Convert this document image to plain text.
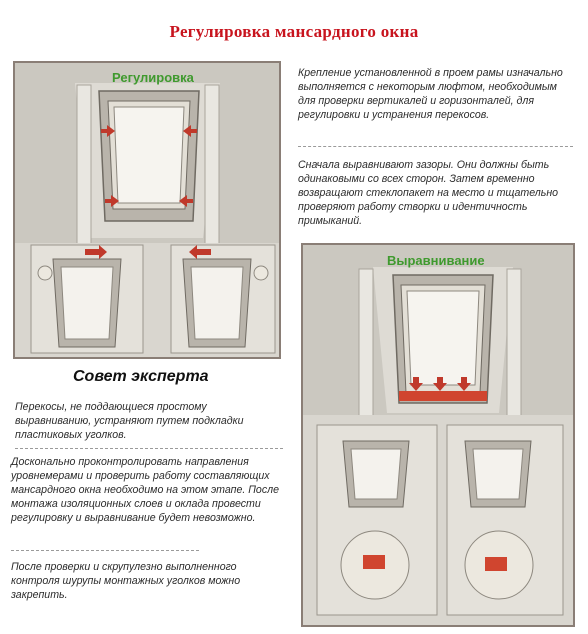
Регулировка мансардного окна
Регулировка	Крепление установленной в проем рамы изначально выполняется с некоторым люфтом, необходимым для проверки вертикалей и горизонталей, для регулировки и устранения перекосов.
Сначала выравнивают зазоры. Они должны быть одинаковыми со всех сторон. Затем временно возвращают стеклопакет на место и тщательно проверяют работу створки и идентичность примыканий.
Выравнивание
Совет эксперта
Перекосы, не поддающиеся простому выравниванию, устраняют путем подкладки пластиковых уголков.
Досконально проконтролировать направления уровнемерами и проверить работу составляющих мансардного окна необходимо на этом этапе. После монтажа изоляционных слоев и оклада провести регулировку и выравнивание будет невозможно.
После проверки и скрупулезно выполненного контроля шурупы монтажных уголков можно закрепить.
